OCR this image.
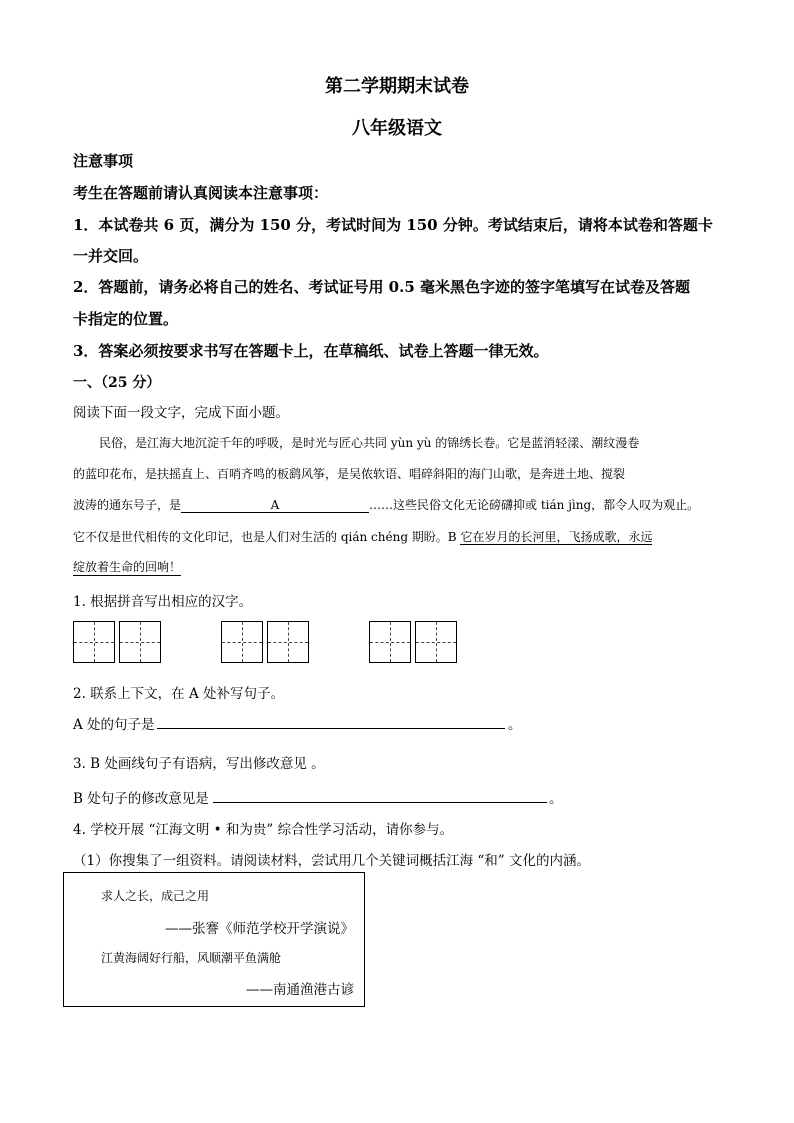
第二学期期末试卷
八年级语文
注意事项
考生在答题前请认真阅读本注意事项：
1．本试卷共 6 页，满分为 150 分，考试时间为 150 分钟。考试结束后，请将本试卷和答题卡
一并交回。
2．答题前，请务必将自己的姓名、考试证号用 0.5 毫米黑色字迹的签字笔填写在试卷及答题
卡指定的位置。
3．答案必须按要求书写在答题卡上，在草稿纸、试卷上答题一律无效。
一、（25 分）
阅读下面一段文字，完成下面小题。
民俗，是江海大地沉淀千年的呼吸，是时光与匠心共同 yùn yù 的锦绣长卷。它是蓝消轻漾、潮纹漫卷
的蓝印花布，是扶摇直上、百哨齐鸣的板鹞风筝，是吴侬软语、唱碎斜阳的海门山歌，是奔进土地、搅裂
波涛的通东号子，是	A	……这些民俗文化无论磅礴抑或 tián jìng，都令人叹为观止。
它不仅是世代相传的文化印记，也是人们对生活的 qián chéng 期盼。B 它在岁月的长河里，飞扬成歌，永远
绽放着生命的回响！
1. 根据拼音写出相应的汉字。
2. 联系上下文，在 A 处补写句子。
A 处的句子是	。
3. B 处画线句子有语病，写出修改意见 。
B 处句子的修改意见是	。
4. 学校开展 “江海文明 • 和为贵” 综合性学习活动，请你参与。
（1）你搜集了一组资料。请阅读材料，尝试用几个关键词概括江海 “和” 文化的内涵。
求人之长，成己之用
——张謇《师范学校开学演说》
江黄海阔好行船，风顺潮平鱼满舱
——南通渔港古谚
